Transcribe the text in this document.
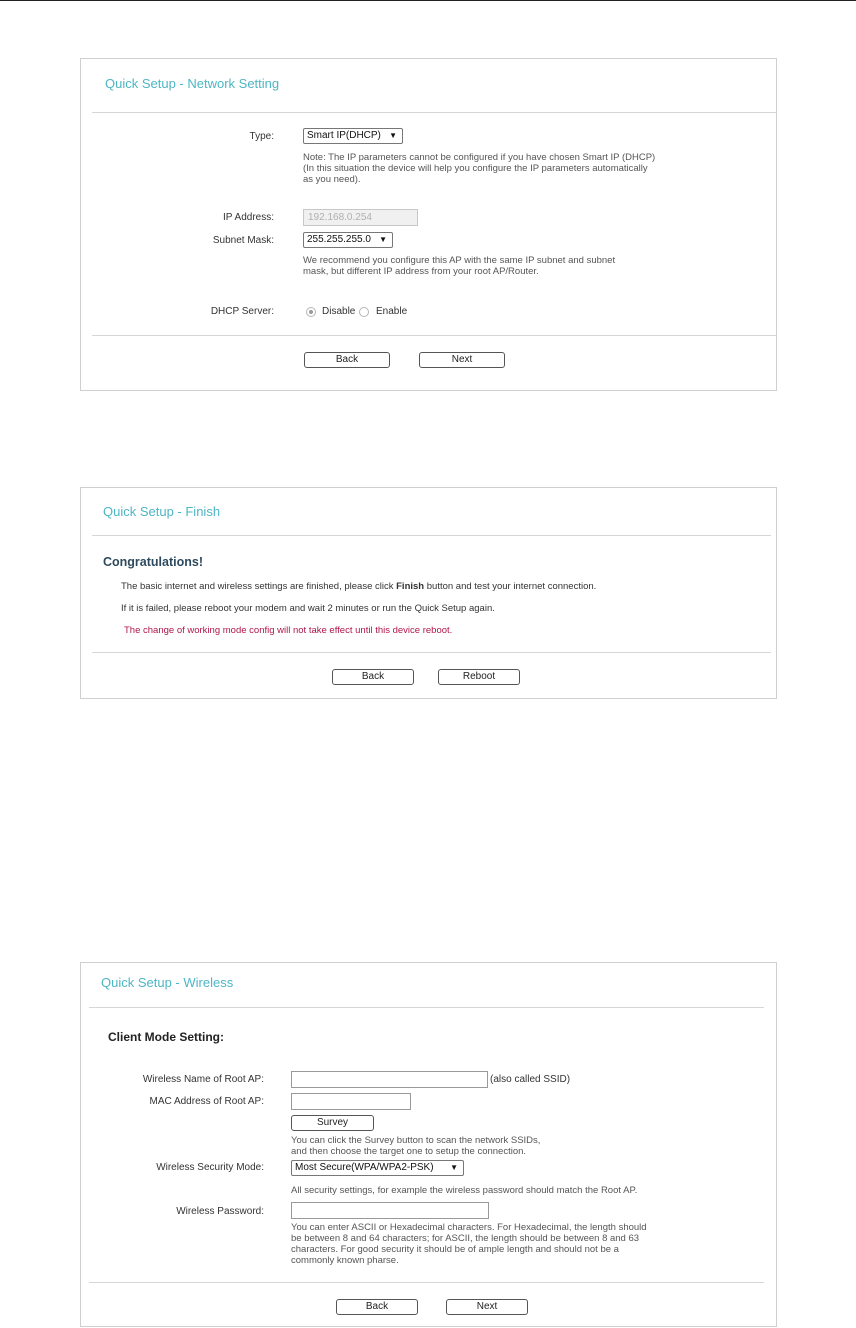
Quick Setup - Network Setting
Type:	Smart IP(DHCP) ▼
Note: The IP parameters cannot be configured if you have chosen Smart IP (DHCP)
(In this situation the device will help you configure the IP parameters automatically
as you need).
IP Address:	192.168.0.254
Subnet Mask:	255.255.255.0 ▼
We recommend you configure this AP with the same IP subnet and subnet
mask, but different IP address from your root AP/Router.
DHCP Server:	Disable Enable
Back	Next
Quick Setup - Finish
Congratulations!
The basic internet and wireless settings are finished, please click Finish button and test your internet connection.
If it is failed, please reboot your modem and wait 2 minutes or run the Quick Setup again.
The change of working mode config will not take effect until this device reboot.
Back	Reboot
Quick Setup - Wireless
Client Mode Setting:
Wireless Name of Root AP:	(also called SSID)
MAC Address of Root AP:
Survey
You can click the Survey button to scan the network SSIDs,
and then choose the target one to setup the connection.
Wireless Security Mode:	Most Secure(WPA/WPA2-PSK) ▼
All security settings, for example the wireless password should match the Root AP.
Wireless Password:
You can enter ASCII or Hexadecimal characters. For Hexadecimal, the length should
be between 8 and 64 characters; for ASCII, the length should be between 8 and 63
characters. For good security it should be of ample length and should not be a
commonly known pharse.
Back	Next
